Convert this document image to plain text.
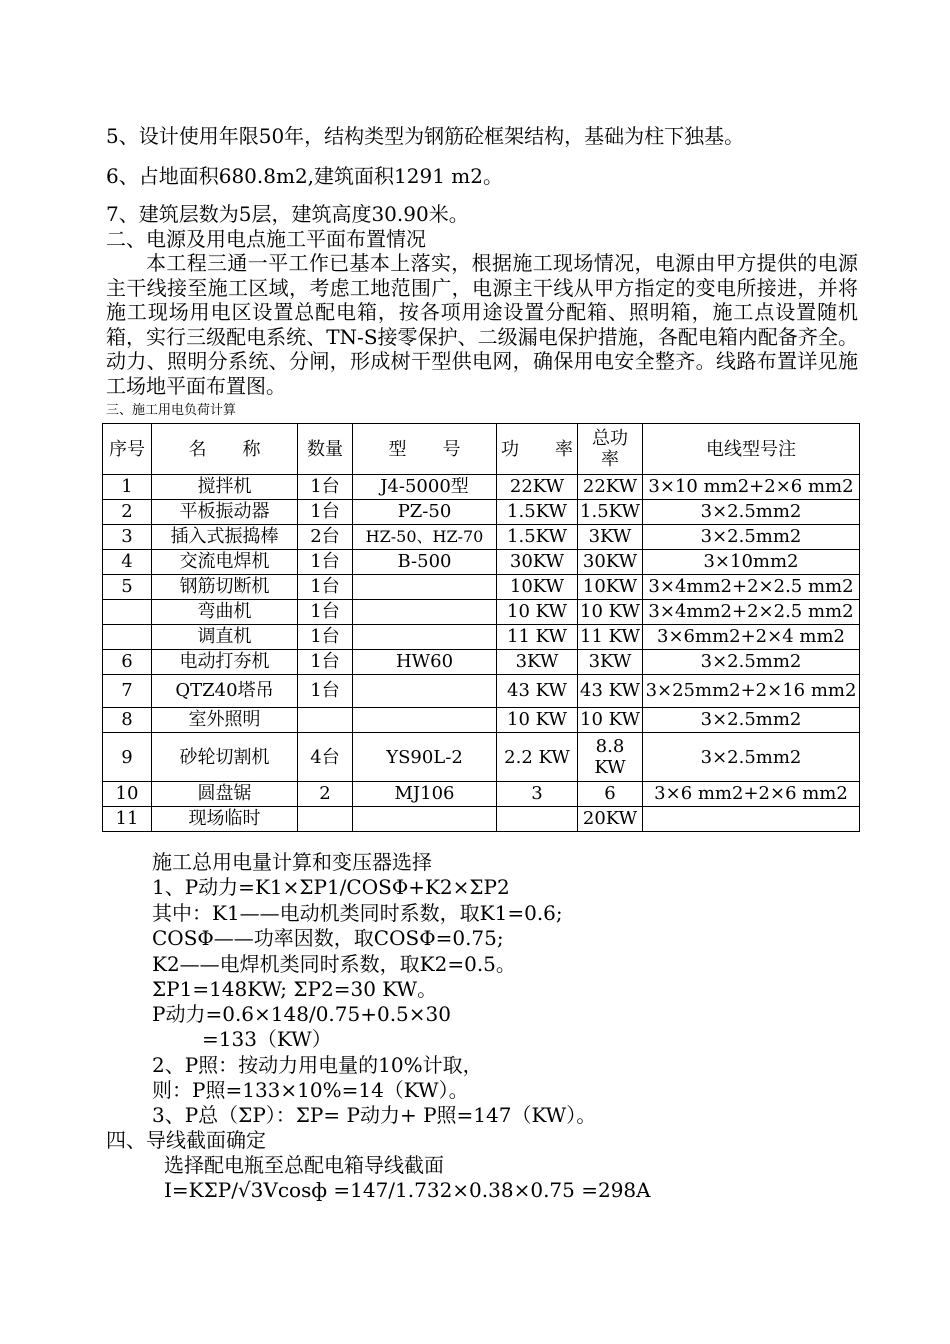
5、设计使用年限50年，结构类型为钢筋砼框架结构，基础为柱下独基。
6、占地面积680.8m2,建筑面积1291 m2。
7、建筑层数为5层，建筑高度30.90米。
二、电源及用电点施工平面布置情况
本工程三通一平工作已基本上落实，根据施工现场情况，电源由甲方提供的电源主干线接至施工区域，考虑工地范围广，电源主干线从甲方指定的变电所接进，并将施工现场用电区设置总配电箱，按各项用途设置分配箱、照明箱，施工点设置随机箱，实行三级配电系统、TN-S接零保护、二级漏电保护措施，各配电箱内配备齐全。动力、照明分系统、分闸，形成树干型供电网，确保用电安全整齐。线路布置详见施工场地平面布置图。
三、施工用电负荷计算
序号	名　　称	数量	型　　号	功　　率	总功率	电线型号注
1	搅拌机	1台	J4-5000型	22KW	22KW	3×10 mm2+2×6 mm2
2	平板振动器	1台	PZ-50	1.5KW	1.5KW	3×2.5mm2
3	插入式振捣棒	2台	HZ-50、HZ-70	1.5KW	3KW	3×2.5mm2
4	交流电焊机	1台	B-500	30KW	30KW	3×10mm2
5	钢筋切断机	1台		10KW	10KW	3×4mm2+2×2.5 mm2
	弯曲机	1台		10 KW	10 KW	3×4mm2+2×2.5 mm2
	调直机	1台		11 KW	11 KW	3×6mm2+2×4 mm2
6	电动打夯机	1台	HW60	3KW	3KW	3×2.5mm2
7	QTZ40塔吊	1台		43 KW	43 KW	3×25mm2+2×16 mm2
8	室外照明			10 KW	10 KW	3×2.5mm2
9	砂轮切割机	4台	YS90L-2	2.2 KW	8.8 KW	3×2.5mm2
10	圆盘锯	2	MJ106	3	6	3×6 mm2+2×6 mm2
11	现场临时				20KW	
施工总用电量计算和变压器选择
1、P动力=K1×ΣP1/COSΦ+K2×ΣP2
其中：K1——电动机类同时系数，取K1=0.6;
COSΦ——功率因数，取COSΦ=0.75;
K2——电焊机类同时系数，取K2=0.5。
ΣP1=148KW; ΣP2=30 KW。
P动力=0.6×148/0.75+0.5×30
=133（KW）
2、P照：按动力用电量的10%计取，
则：P照=133×10%=14（KW）。
3、P总（ΣP）：ΣP= P动力+ P照=147（KW）。
四、导线截面确定
选择配电瓶至总配电箱导线截面
I=KΣP/√3Vcosф =147/1.732×0.38×0.75 =298A
